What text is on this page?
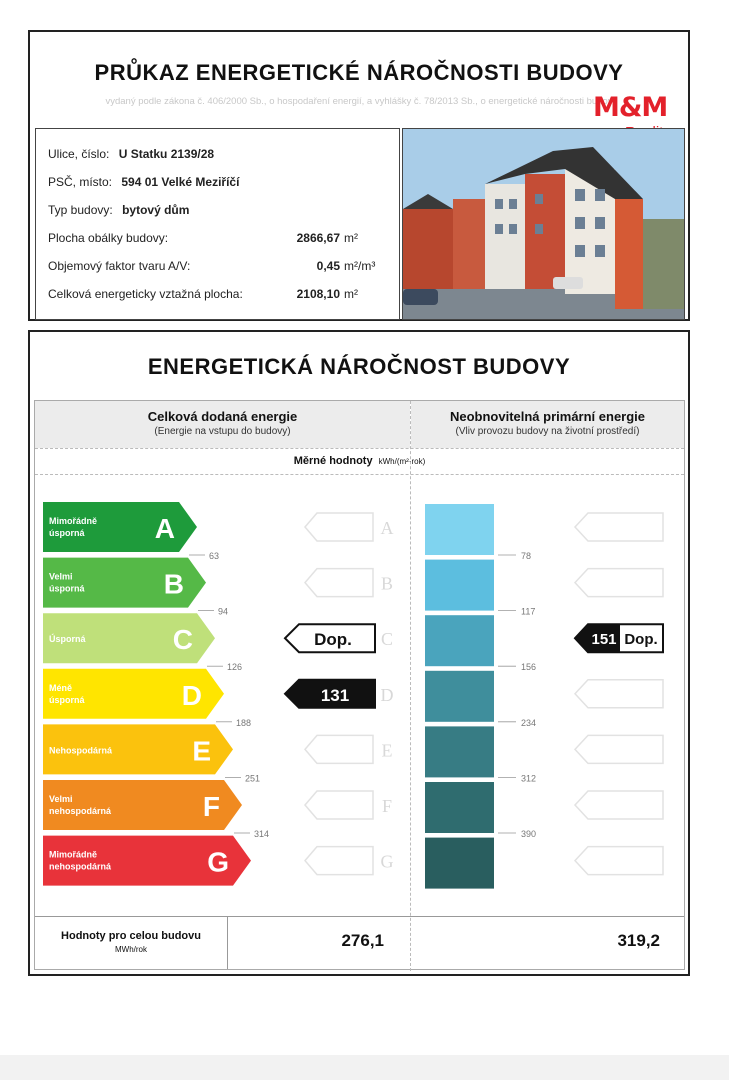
PRŮKAZ ENERGETICKÉ NÁROČNOSTI BUDOVY
vydaný podle zákona č. 406/2000 Sb., o hospodaření energií, a vyhlášky č. 78/2013 Sb., o energetické náročnosti budov
M&M
Ulice, číslo: U Statku 2139/28
PSČ, místo: 594 01 Velké Meziříčí
Typ budovy: bytový dům
Plocha obálky budovy:	2866,67 m²
Objemový faktor tvaru A/V:	0,45 m²/m³
Celková energeticky vztažná plocha:	2108,10 m²
ENERGETICKÁ NÁROČNOST BUDOVY
Celková dodaná energie
(Energie na vstupu do budovy)
Neobnovitelná primární energie
(Vliv provozu budovy na životní prostředí)
Měrné hodnoty kWh/(m²·rok)
Mimořádně
úsporná	A	A
Velmi
úsporná	B	B
Úsporná	C	C
Méně
úsporná	D	D
Nehospodárná	E	E
Velmi
nehospodárná	F	F
Mimořádně
nehospodárná	G	G
63
94
126
188
251
314
78
117
156
234
312
390
Dop.
131
151 Dop.
Hodnoty pro celou budovu
MWh/rok	276,1	319,2
